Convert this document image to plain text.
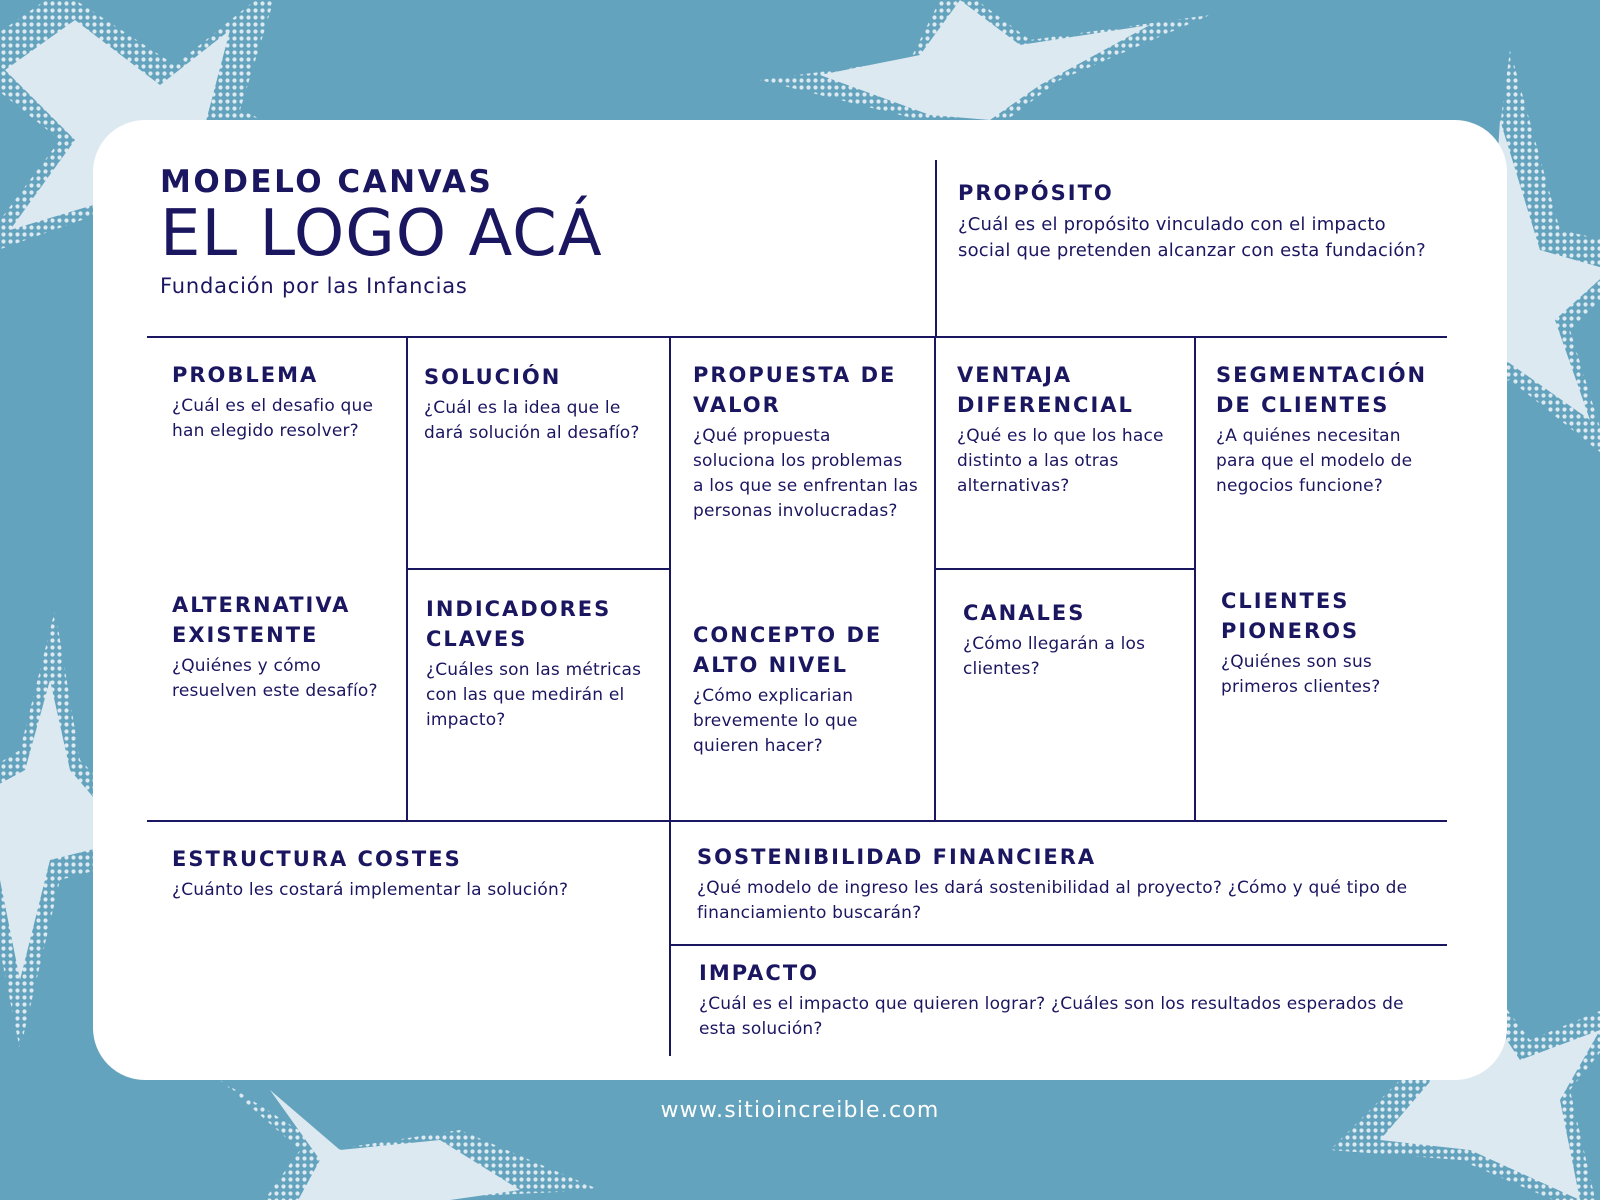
MODELO CANVAS
EL LOGO ACÁ
Fundación por las Infancias
PROPÓSITO

¿Cuál es el propósito vinculado con el impacto social que pretenden alcanzar con esta fundación?

PROBLEMA

¿Cuál es el desafio que han elegido resolver?

SOLUCIÓN

¿Cuál es la idea que le dará solución al desafío?

PROPUESTA DE VALOR

¿Qué propuesta soluciona los problemas a los que se enfrentan las personas involucradas?

VENTAJA DIFERENCIAL

¿Qué es lo que los hace distinto a las otras alternativas?

SEGMENTACIÓN DE CLIENTES

¿A quiénes necesitan para que el modelo de negocios funcione?

ALTERNATIVA EXISTENTE

¿Quiénes y cómo resuelven este desafío?

INDICADORES CLAVES

¿Cuáles son las métricas con las que medirán el impacto?

CONCEPTO DE ALTO NIVEL

¿Cómo explicarian brevemente lo que quieren hacer?

CANALES

¿Cómo llegarán a los clientes?

CLIENTES PIONEROS

¿Quiénes son sus primeros clientes?

ESTRUCTURA COSTES

¿Cuánto les costará implementar la solución?

SOSTENIBILIDAD FINANCIERA

¿Qué modelo de ingreso les dará sostenibilidad al proyecto? ¿Cómo y qué tipo de financiamiento buscarán?

IMPACTO

¿Cuál es el impacto que quieren lograr? ¿Cuáles son los resultados esperados de esta solución?

www.sitioincreible.com
